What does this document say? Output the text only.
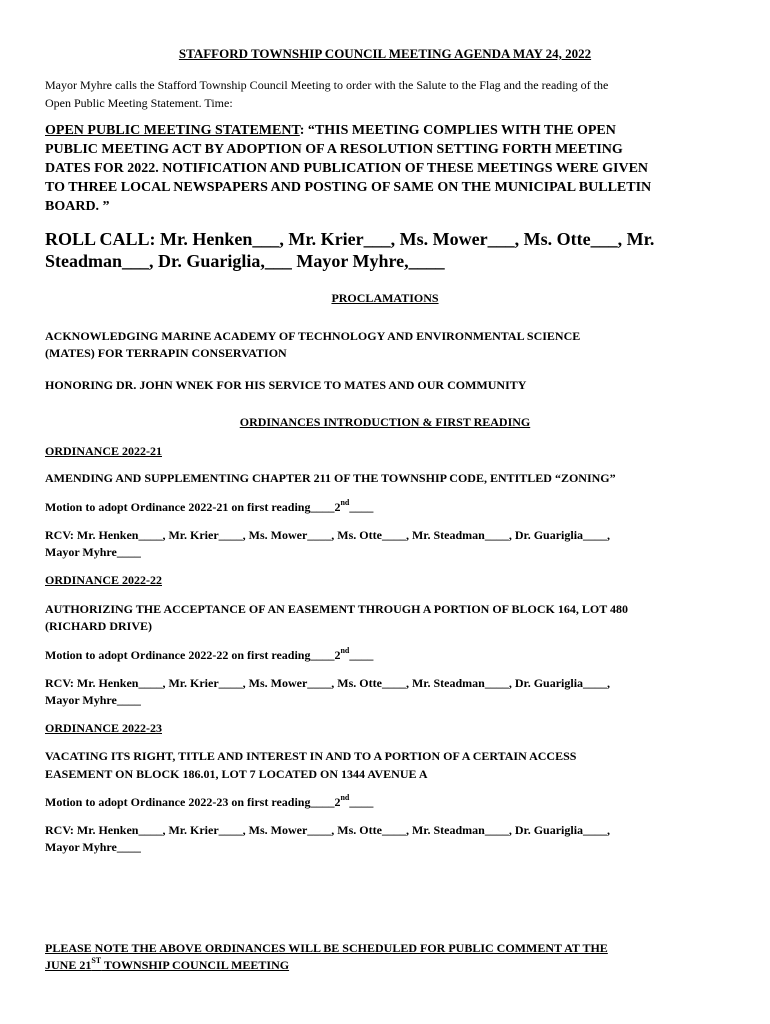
STAFFORD TOWNSHIP COUNCIL MEETING AGENDA MAY 24, 2022
Mayor Myhre calls the Stafford Township Council Meeting to order with the Salute to the Flag and the reading of the
Open Public Meeting Statement. Time:
OPEN PUBLIC MEETING STATEMENT: “THIS MEETING COMPLIES WITH THE OPEN
PUBLIC MEETING ACT BY ADOPTION OF A RESOLUTION SETTING FORTH MEETING
DATES FOR 2022. NOTIFICATION AND PUBLICATION OF THESE MEETINGS WERE GIVEN
TO THREE LOCAL NEWSPAPERS AND POSTING OF SAME ON THE MUNICIPAL BULLETIN
BOARD. ”
ROLL CALL: Mr. Henken___, Mr. Krier___, Ms. Mower___, Ms. Otte___, Mr.
Steadman___, Dr. Guariglia,___ Mayor Myhre,____
PROCLAMATIONS
ACKNOWLEDGING MARINE ACADEMY OF TECHNOLOGY AND ENVIRONMENTAL SCIENCE
(MATES) FOR TERRAPIN CONSERVATION
HONORING DR. JOHN WNEK FOR HIS SERVICE TO MATES AND OUR COMMUNITY
ORDINANCES INTRODUCTION & FIRST READING
ORDINANCE 2022-21
AMENDING AND SUPPLEMENTING CHAPTER 211 OF THE TOWNSHIP CODE, ENTITLED “ZONING”
Motion to adopt Ordinance 2022-21 on first reading____2nd____
RCV: Mr. Henken____, Mr. Krier____, Ms. Mower____, Ms. Otte____, Mr. Steadman____, Dr. Guariglia____,
Mayor Myhre____
ORDINANCE 2022-22
AUTHORIZING THE ACCEPTANCE OF AN EASEMENT THROUGH A PORTION OF BLOCK 164, LOT 480
(RICHARD DRIVE)
Motion to adopt Ordinance 2022-22 on first reading____2nd____
RCV: Mr. Henken____, Mr. Krier____, Ms. Mower____, Ms. Otte____, Mr. Steadman____, Dr. Guariglia____,
Mayor Myhre____
ORDINANCE 2022-23
VACATING ITS RIGHT, TITLE AND INTEREST IN AND TO A PORTION OF A CERTAIN ACCESS
EASEMENT ON BLOCK 186.01, LOT 7 LOCATED ON 1344 AVENUE A
Motion to adopt Ordinance 2022-23 on first reading____2nd____
RCV: Mr. Henken____, Mr. Krier____, Ms. Mower____, Ms. Otte____, Mr. Steadman____, Dr. Guariglia____,
Mayor Myhre____
PLEASE NOTE THE ABOVE ORDINANCES WILL BE SCHEDULED FOR PUBLIC COMMENT AT THE
JUNE 21ST TOWNSHIP COUNCIL MEETING
